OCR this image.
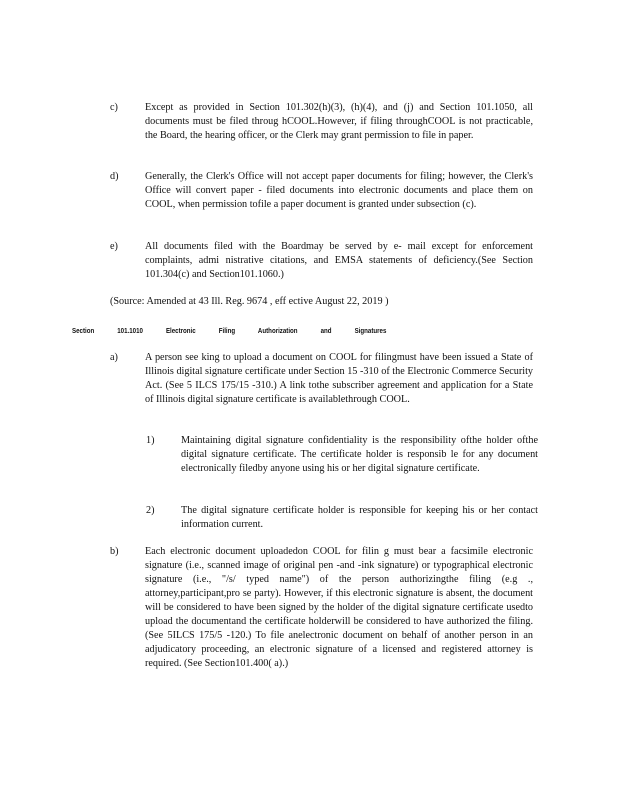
c)	Except as provided in Section 101.302(h)(3), (h)(4), and (j) and Section 101.1050, all documents must be filed throug hCOOL.However, if filing throughCOOL is not practicable, the Board, the hearing officer, or the Clerk may grant permission to file in paper.

d)	Generally, the Clerk's Office will not accept paper documents for filing; however, the Clerk's Office will convert paper - filed documents into electronic documents and place them on COOL, when permission tofile a paper document is granted under subsection (c).

e)	All documents filed with the Boardmay be served by e- mail except for enforcement complaints, admi nistrative citations, and EMSA statements of deficiency.(See Section 101.304(c) and Section101.1060.)

(Source: Amended at 43 Ill. Reg. 9674 , eff ective August 22, 2019 )
Section	101.1010	Electronic	Filing	Authorization	and	Signatures
a)	A person see king to upload a document on COOL for filingmust have been issued a State of Illinois digital signature certificate under Section 15 -310 of the Electronic Commerce Security Act. (See 5 ILCS 175/15 -310.) A link tothe subscriber agreement and application for a State of Illinois digital signature certificate is availablethrough COOL.

1)	Maintaining digital signature confidentiality is the responsibility ofthe holder ofthe digital signature certificate. The certificate holder is responsib le for any document electronically filedby anyone using his or her digital signature certificate.

2)	The digital signature certificate holder is responsible for keeping his or her contact information current.

b)	Each electronic document uploadedon COOL for filin g must bear a facsimile electronic signature (i.e., scanned image of original pen -and -ink signature) or typographical electronic signature (i.e., "/s/ typed name") of the person authorizingthe filing (e.g ., attorney,participant,pro se party). However, if this electronic signature is absent, the document will be considered to have been signed by the holder of the digital signature certificate usedto upload the documentand the certificate holderwill be considered to have authorized the filing. (See 5ILCS 175/5 -120.) To file anelectronic document on behalf of another person in an adjudicatory proceeding, an electronic signature of a licensed and registered attorney is required. (See Section101.400( a).)
